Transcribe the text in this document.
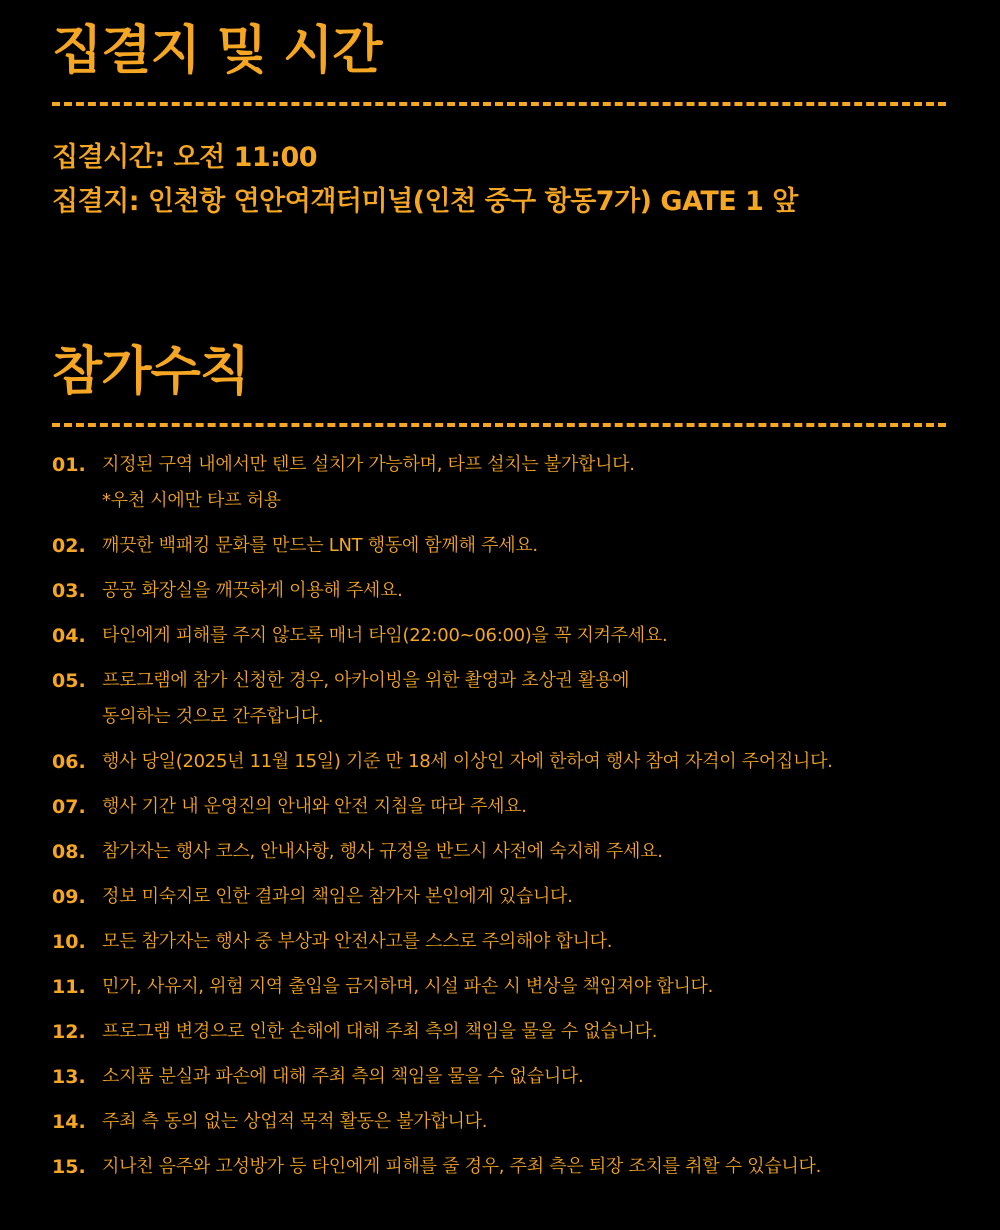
집결지 및 시간
집결시간: 오전 11:00
집결지: 인천항 연안여객터미널(인천 중구 항동7가) GATE 1 앞
참가수칙
01. 지정된 구역 내에서만 텐트 설치가 가능하며, 타프 설치는 불가합니다.
*우천 시에만 타프 허용
02. 깨끗한 백패킹 문화를 만드는 LNT 행동에 함께해 주세요.
03. 공공 화장실을 깨끗하게 이용해 주세요.
04. 타인에게 피해를 주지 않도록 매너 타임(22:00~06:00)을 꼭 지켜주세요.
05. 프로그램에 참가 신청한 경우, 아카이빙을 위한 촬영과 초상권 활용에
동의하는 것으로 간주합니다.
06. 행사 당일(2025년 11월 15일) 기준 만 18세 이상인 자에 한하여 행사 참여 자격이 주어집니다.
07. 행사 기간 내 운영진의 안내와 안전 지침을 따라 주세요.
08. 참가자는 행사 코스, 안내사항, 행사 규정을 반드시 사전에 숙지해 주세요.
09. 정보 미숙지로 인한 결과의 책임은 참가자 본인에게 있습니다.
10. 모든 참가자는 행사 중 부상과 안전사고를 스스로 주의해야 합니다.
11. 민가, 사유지, 위험 지역 출입을 금지하며, 시설 파손 시 변상을 책임져야 합니다.
12. 프로그램 변경으로 인한 손해에 대해 주최 측의 책임을 물을 수 없습니다.
13. 소지품 분실과 파손에 대해 주최 측의 책임을 물을 수 없습니다.
14. 주최 측 동의 없는 상업적 목적 활동은 불가합니다.
15. 지나친 음주와 고성방가 등 타인에게 피해를 줄 경우, 주최 측은 퇴장 조치를 취할 수 있습니다.
